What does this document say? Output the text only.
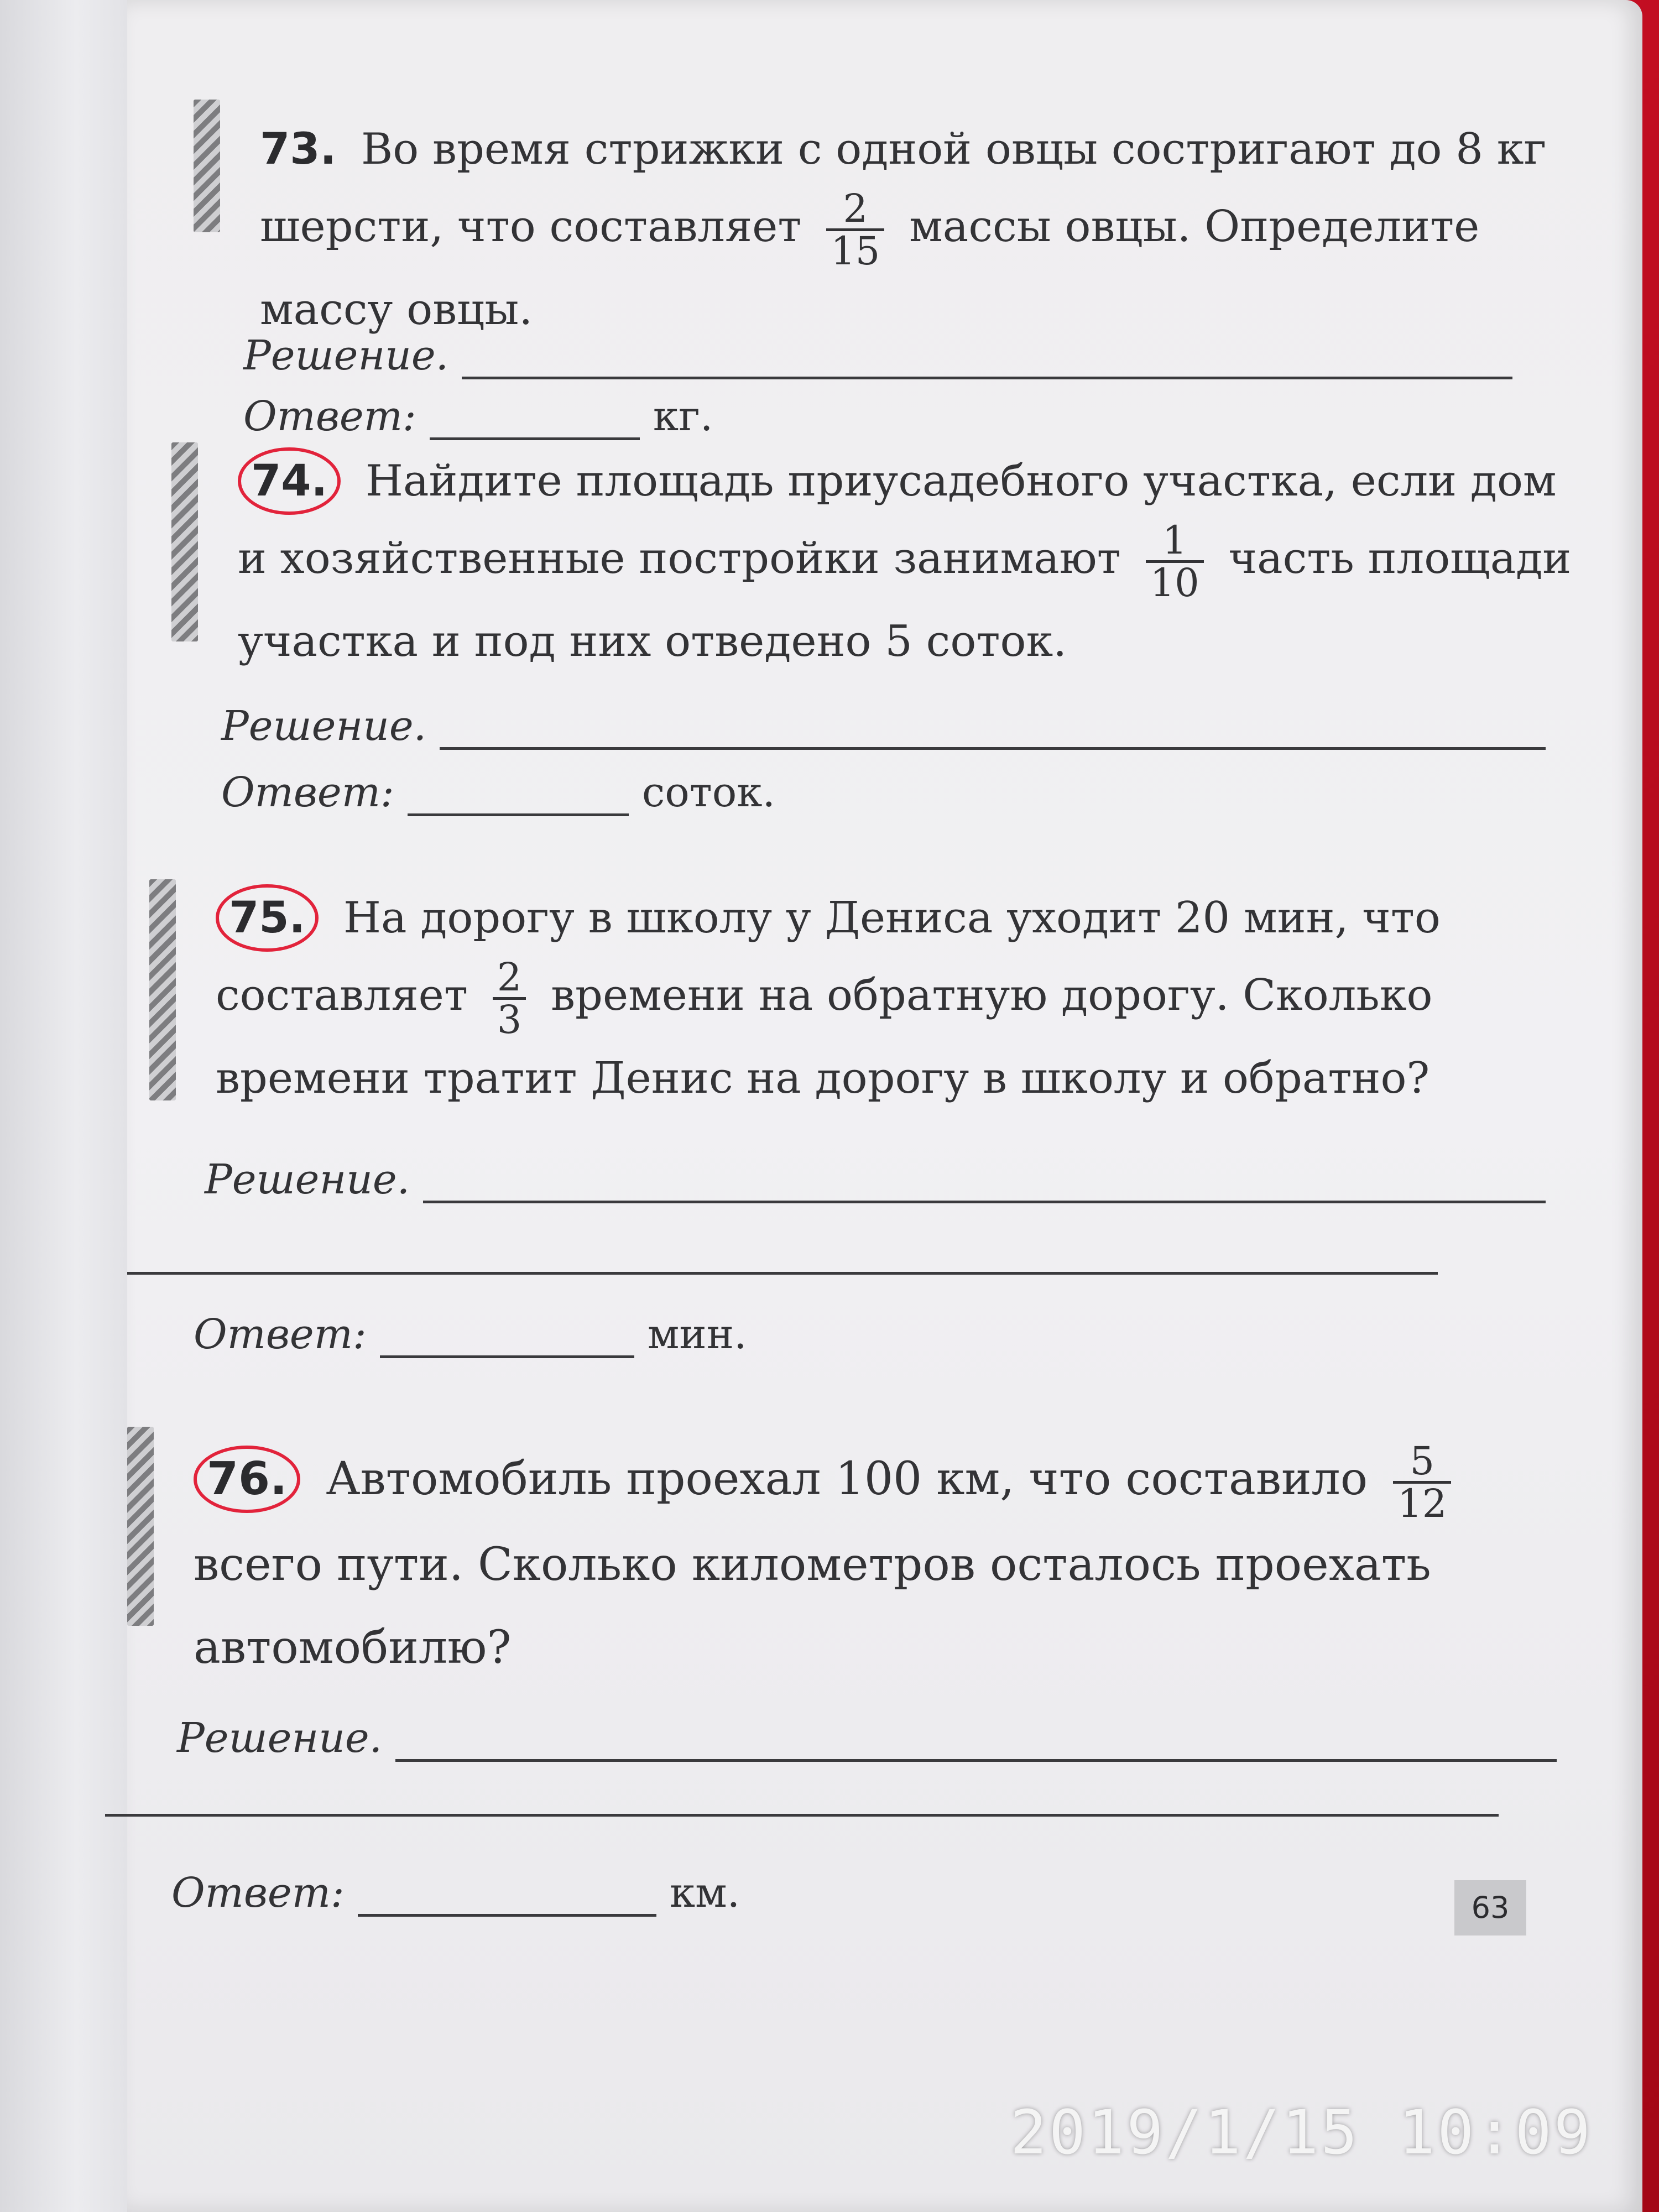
73. Во время стрижки с одной овцы состригают до 8 кг шерсти, что составляет $\frac{2}{15}$ массы овцы. Определите массу овцы.
Решение.
Ответ:	кг.
74. Найдите площадь приусадебного участка, если дом и хозяйственные постройки занимают $\frac{1}{10}$ часть площади участка и под них отведено 5 соток.
Решение.
Ответ:	соток.
75. На дорогу в школу у Дениса уходит 20 мин, что составляет $\frac{2}{3}$ времени на обратную дорогу. Сколько времени тратит Денис на дорогу в школу и обратно?
Решение.
Ответ:	мин.
76. Автомобиль проехал 100 км, что составило $\frac{5}{12}$
всего пути. Сколько километров осталось проехать автомобилю?
Решение.
Ответ:	км.	63
2019/1/15 10:09
